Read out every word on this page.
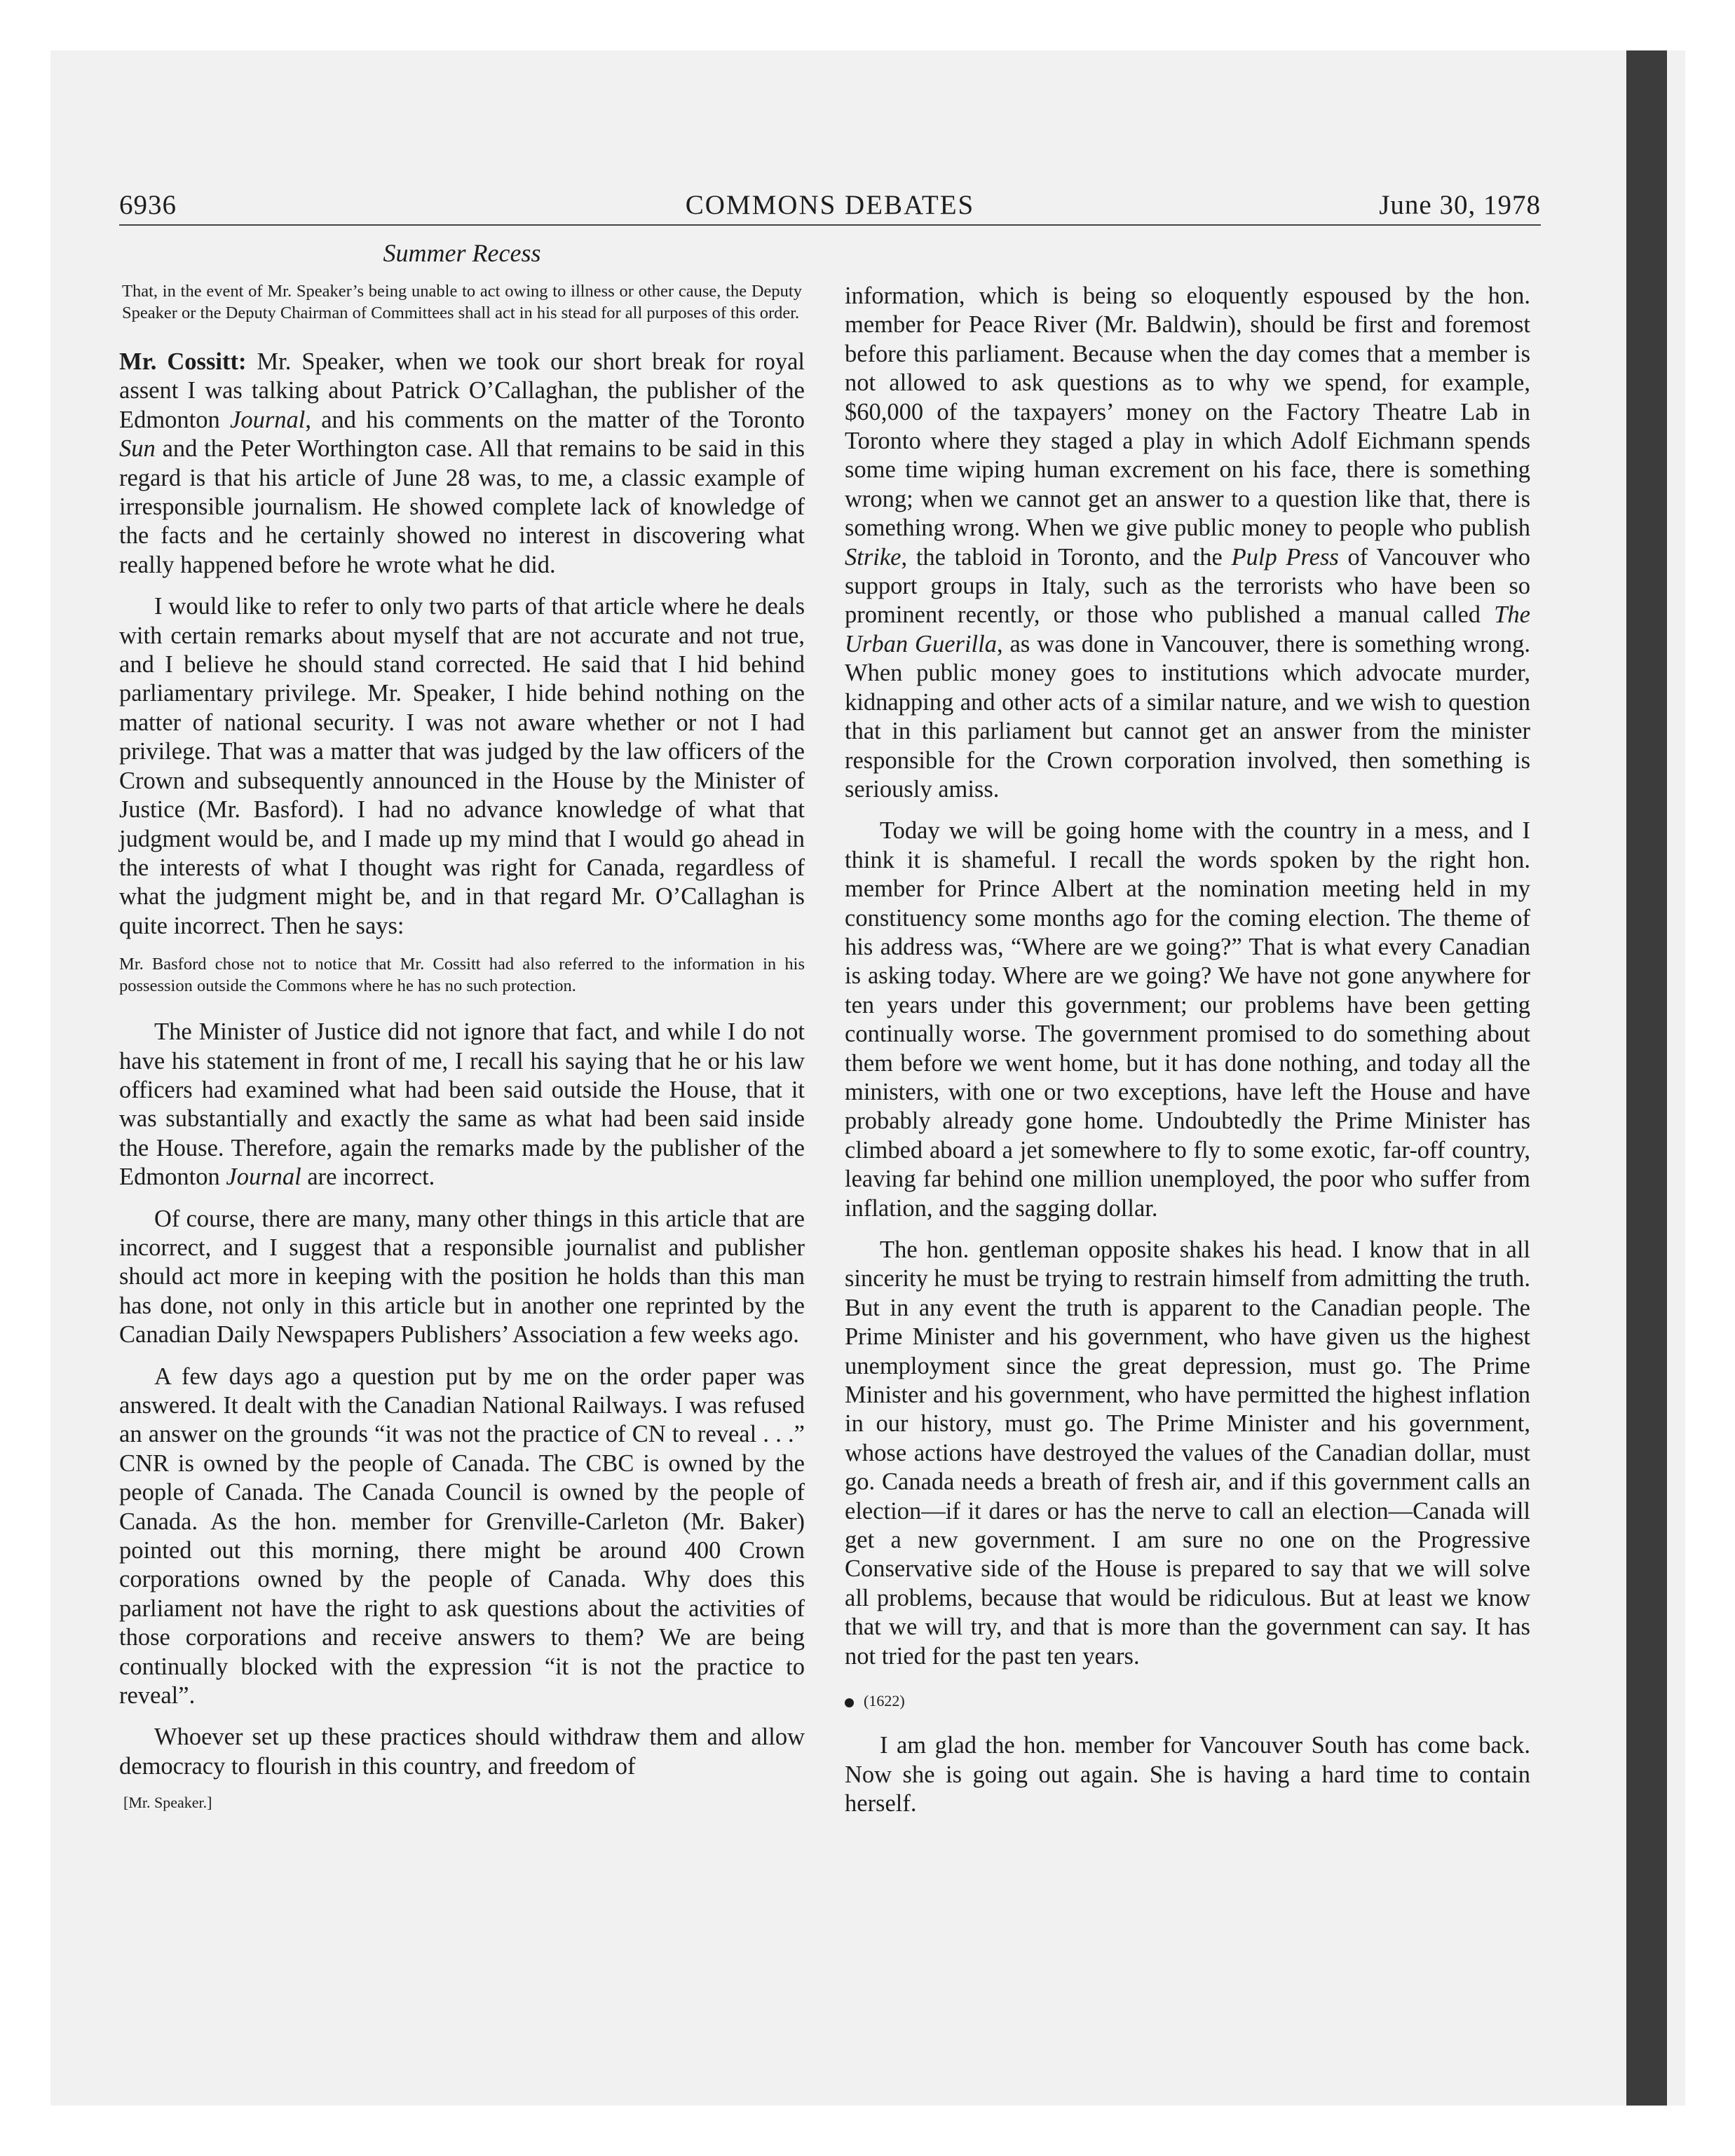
6936	COMMONS DEBATES	June 30, 1978
Summer Recess
That, in the event of Mr. Speaker’s being unable to act owing to illness or other cause, the Deputy Speaker or the Deputy Chairman of Committees shall act in his stead for all purposes of this order.

Mr. Cossitt: Mr. Speaker, when we took our short break for royal assent I was talking about Patrick O’Callaghan, the publisher of the Edmonton Journal, and his comments on the matter of the Toronto Sun and the Peter Worthington case. All that remains to be said in this regard is that his article of June 28 was, to me, a classic example of irresponsible journalism. He showed complete lack of knowledge of the facts and he certainly showed no interest in discovering what really happened before he wrote what he did.

I would like to refer to only two parts of that article where he deals with certain remarks about myself that are not accurate and not true, and I believe he should stand corrected. He said that I hid behind parliamentary privilege. Mr. Speaker, I hide behind nothing on the matter of national security. I was not aware whether or not I had privilege. That was a matter that was judged by the law officers of the Crown and subsequently announced in the House by the Minister of Justice (Mr. Basford). I had no advance knowledge of what that judgment would be, and I made up my mind that I would go ahead in the interests of what I thought was right for Canada, regardless of what the judgment might be, and in that regard Mr. O’Callaghan is quite incorrect. Then he says:

Mr. Basford chose not to notice that Mr. Cossitt had also referred to the information in his possession outside the Commons where he has no such protection.

The Minister of Justice did not ignore that fact, and while I do not have his statement in front of me, I recall his saying that he or his law officers had examined what had been said outside the House, that it was substantially and exactly the same as what had been said inside the House. Therefore, again the remarks made by the publisher of the Edmonton Journal are incorrect.

Of course, there are many, many other things in this article that are incorrect, and I suggest that a responsible journalist and publisher should act more in keeping with the position he holds than this man has done, not only in this article but in another one reprinted by the Canadian Daily Newspapers Publishers’ Association a few weeks ago.

A few days ago a question put by me on the order paper was answered. It dealt with the Canadian National Railways. I was refused an answer on the grounds “it was not the practice of CN to reveal . . .” CNR is owned by the people of Canada. The CBC is owned by the people of Canada. The Canada Council is owned by the people of Canada. As the hon. member for Grenville-Carleton (Mr. Baker) pointed out this morning, there might be around 400 Crown corporations owned by the people of Canada. Why does this parliament not have the right to ask questions about the activities of those corporations and receive answers to them? We are being continually blocked with the expression “it is not the practice to reveal”.

Whoever set up these practices should withdraw them and allow democracy to flourish in this country, and freedom of

[Mr. Speaker.]

information, which is being so eloquently espoused by the hon. member for Peace River (Mr. Baldwin), should be first and foremost before this parliament. Because when the day comes that a member is not allowed to ask questions as to why we spend, for example, $60,000 of the taxpayers’ money on the Factory Theatre Lab in Toronto where they staged a play in which Adolf Eichmann spends some time wiping human excrement on his face, there is something wrong; when we cannot get an answer to a question like that, there is something wrong. When we give public money to people who publish Strike, the tabloid in Toronto, and the Pulp Press of Vancouver who support groups in Italy, such as the terrorists who have been so prominent recently, or those who published a manual called The Urban Guerilla, as was done in Vancouver, there is something wrong. When public money goes to institutions which advocate murder, kidnapping and other acts of a similar nature, and we wish to question that in this parliament but cannot get an answer from the minister responsible for the Crown corporation involved, then something is seriously amiss.

Today we will be going home with the country in a mess, and I think it is shameful. I recall the words spoken by the right hon. member for Prince Albert at the nomination meeting held in my constituency some months ago for the coming election. The theme of his address was, “Where are we going?” That is what every Canadian is asking today. Where are we going? We have not gone anywhere for ten years under this government; our problems have been getting continually worse. The government promised to do something about them before we went home, but it has done nothing, and today all the ministers, with one or two exceptions, have left the House and have probably already gone home. Undoubtedly the Prime Minister has climbed aboard a jet somewhere to fly to some exotic, far-off country, leaving far behind one million unemployed, the poor who suffer from inflation, and the sagging dollar.

The hon. gentleman opposite shakes his head. I know that in all sincerity he must be trying to restrain himself from admitting the truth. But in any event the truth is apparent to the Canadian people. The Prime Minister and his government, who have given us the highest unemployment since the great depression, must go. The Prime Minister and his government, who have permitted the highest inflation in our history, must go. The Prime Minister and his government, whose actions have destroyed the values of the Canadian dollar, must go. Canada needs a breath of fresh air, and if this government calls an election—if it dares or has the nerve to call an election—Canada will get a new government. I am sure no one on the Progressive Conservative side of the House is prepared to say that we will solve all problems, because that would be ridiculous. But at least we know that we will try, and that is more than the government can say. It has not tried for the past ten years.

(1622)

I am glad the hon. member for Vancouver South has come back. Now she is going out again. She is having a hard time to contain herself.
